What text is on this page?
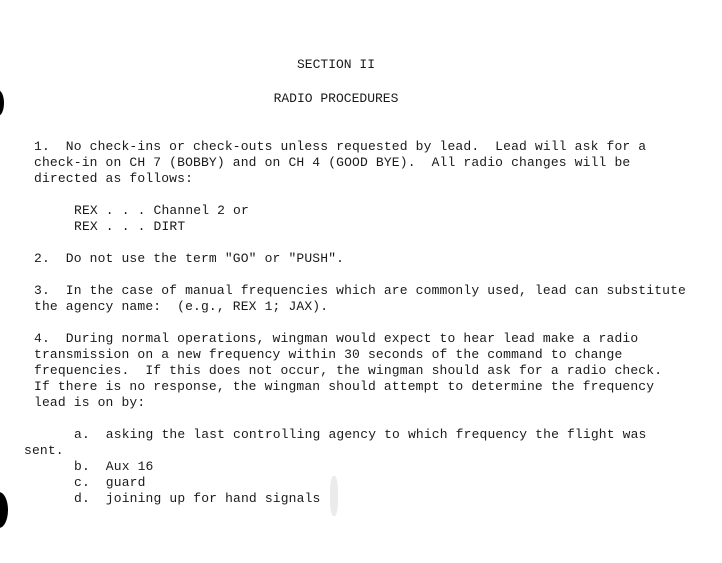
SECTION II
RADIO PROCEDURES
1.  No check-ins or check-outs unless requested by lead.  Lead will ask for a
check-in on CH 7 (BOBBY) and on CH 4 (GOOD BYE).  All radio changes will be
directed as follows:
REX . . . Channel 2 or
REX . . . DIRT
2.  Do not use the term "GO" or "PUSH".
3.  In the case of manual frequencies which are commonly used, lead can substitute
the agency name:  (e.g., REX 1; JAX).
4.  During normal operations, wingman would expect to hear lead make a radio
transmission on a new frequency within 30 seconds of the command to change
frequencies.  If this does not occur, the wingman should ask for a radio check.
If there is no response, the wingman should attempt to determine the frequency
lead is on by:
a.  asking the last controlling agency to which frequency the flight was
sent.
b.  Aux 16
c.  guard
d.  joining up for hand signals
